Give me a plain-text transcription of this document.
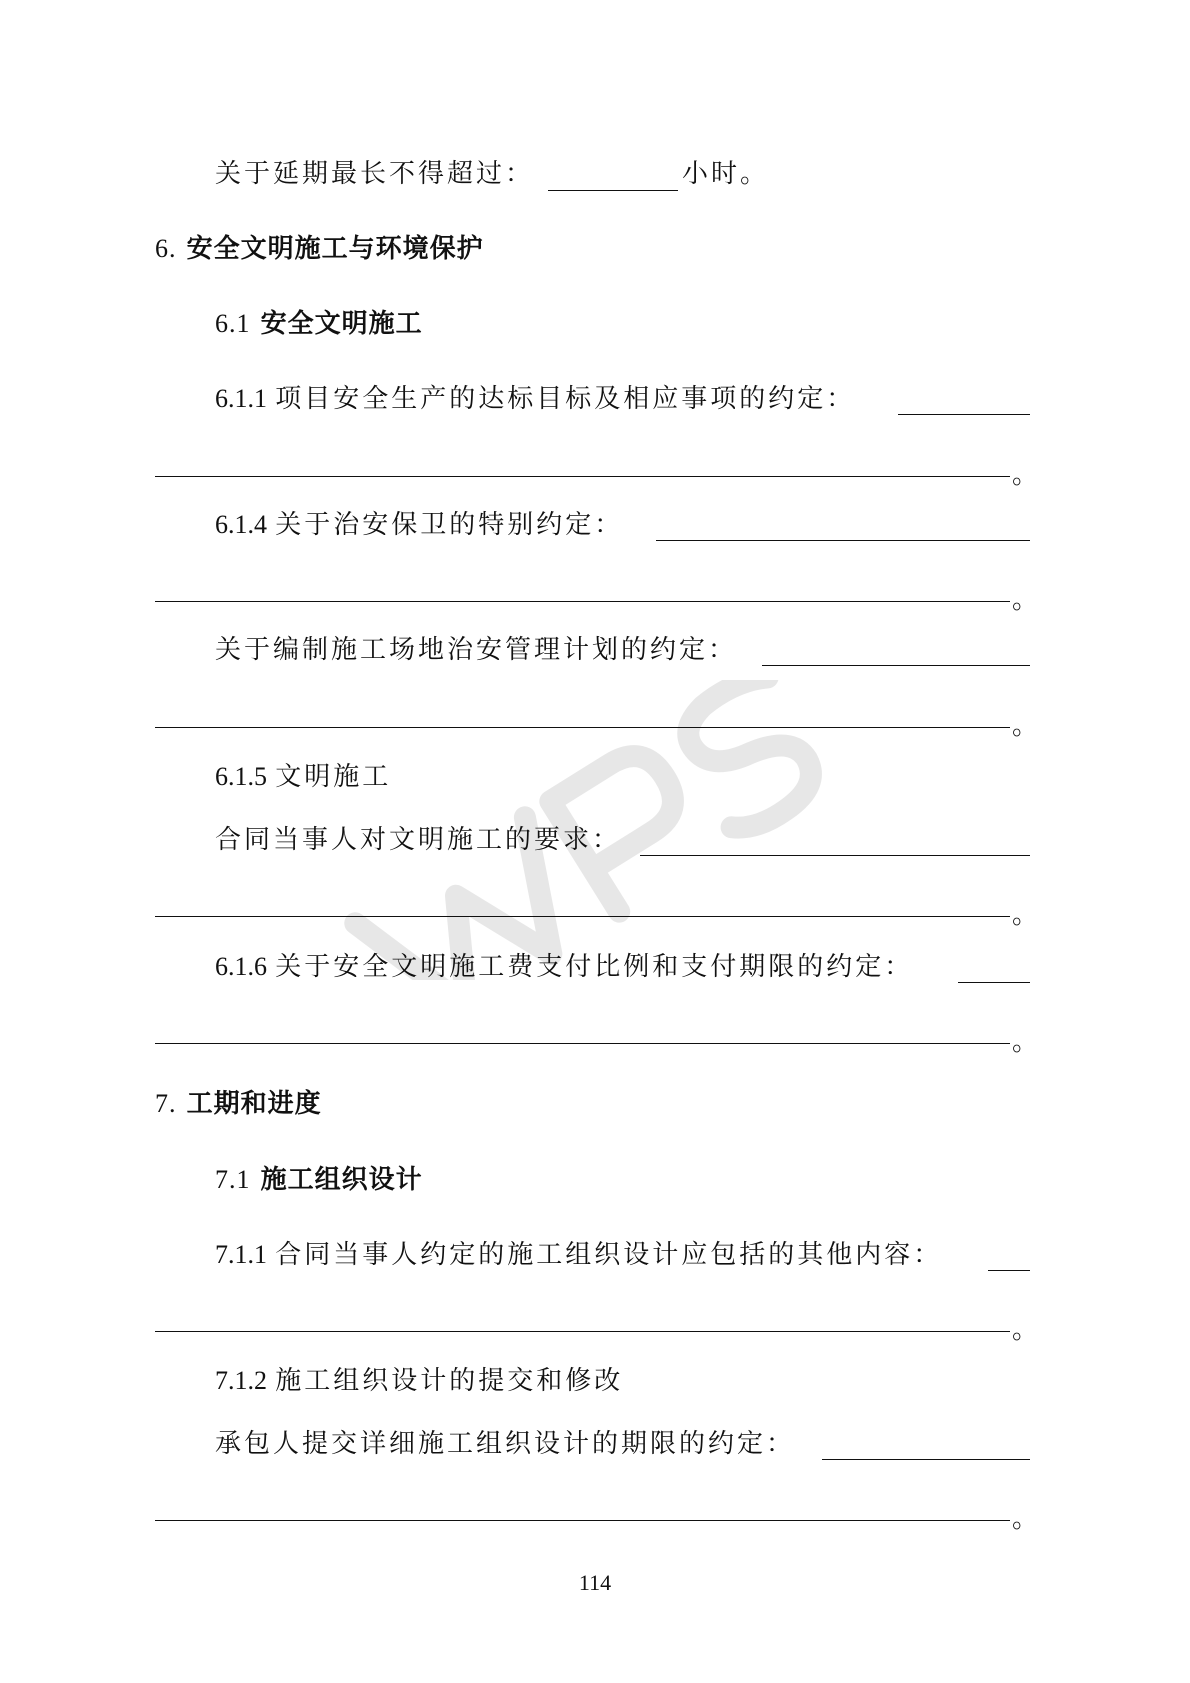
关于延期最长不得超过：	小时。
6. 安全文明施工与环境保护
6.1 安全文明施工
6.1.1 项目安全生产的达标目标及相应事项的约定：
。
6.1.4 关于治安保卫的特别约定：
。
关于编制施工场地治安管理计划的约定：
。
6.1.5 文明施工
合同当事人对文明施工的要求：
。
6.1.6 关于安全文明施工费支付比例和支付期限的约定：
。
7. 工期和进度
7.1 施工组织设计
7.1.1 合同当事人约定的施工组织设计应包括的其他内容：
。
7.1.2 施工组织设计的提交和修改
承包人提交详细施工组织设计的期限的约定：
。
114
